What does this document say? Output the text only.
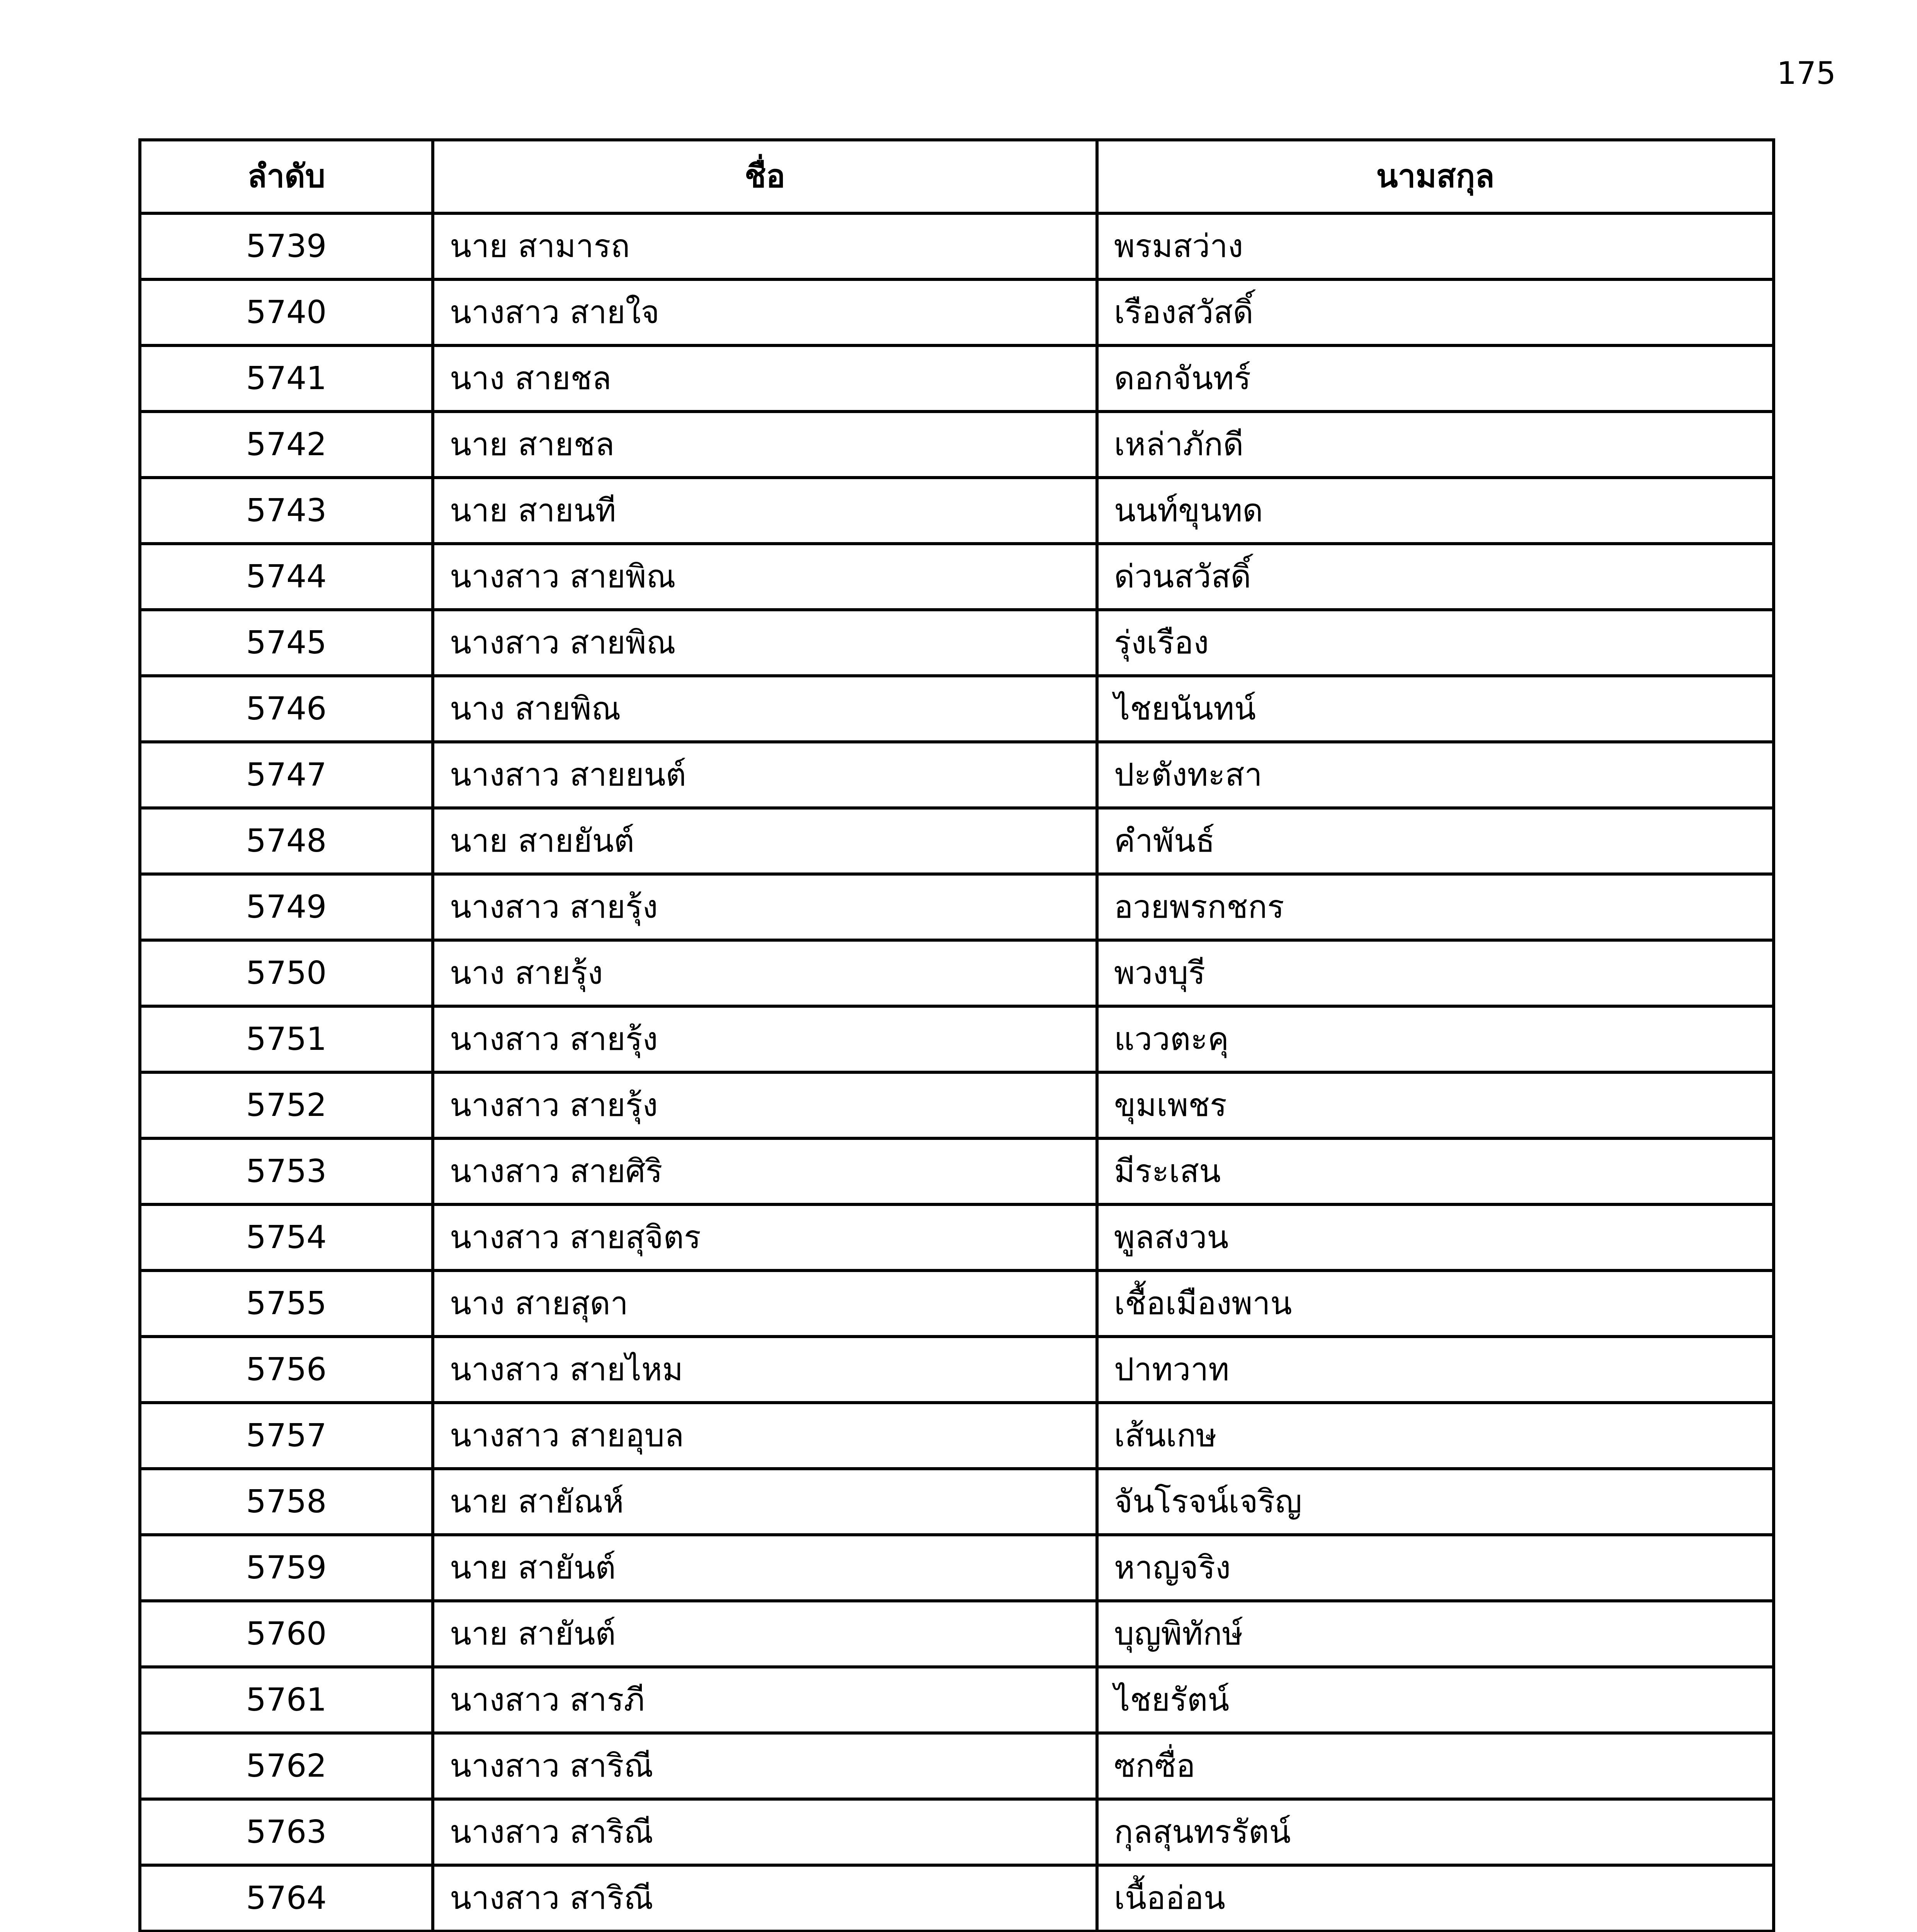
175
ลำดับ	ชื่อ	นามสกุล
5739	นาย สามารถ	พรมสว่าง
5740	นางสาว สายใจ	เรืองสวัสดิ์
5741	นาง สายชล	ดอกจันทร์
5742	นาย สายชล	เหล่าภักดี
5743	นาย สายนที	นนท์ขุนทด
5744	นางสาว สายพิณ	ด่วนสวัสดิ์
5745	นางสาว สายพิณ	รุ่งเรือง
5746	นาง สายพิณ	ไชยนันทน์
5747	นางสาว สายยนต์	ปะตังทะสา
5748	นาย สายยันต์	คำพันธ์
5749	นางสาว สายรุ้ง	อวยพรกชกร
5750	นาง สายรุ้ง	พวงบุรี
5751	นางสาว สายรุ้ง	แววตะคุ
5752	นางสาว สายรุ้ง	ขุมเพชร
5753	นางสาว สายศิริ	มีระเสน
5754	นางสาว สายสุจิตร	พูลสงวน
5755	นาง สายสุดา	เชื้อเมืองพาน
5756	นางสาว สายไหม	ปาทวาท
5757	นางสาว สายอุบล	เส้นเกษ
5758	นาย สายัณห์	จันโรจน์เจริญ
5759	นาย สายันต์	หาญจริง
5760	นาย สายันต์	บุญพิทักษ์
5761	นางสาว สารภี	ไชยรัตน์
5762	นางสาว สาริณี	ซกซื่อ
5763	นางสาว สาริณี	กุลสุนทรรัตน์
5764	นางสาว สาริณี	เนื้ออ่อน
